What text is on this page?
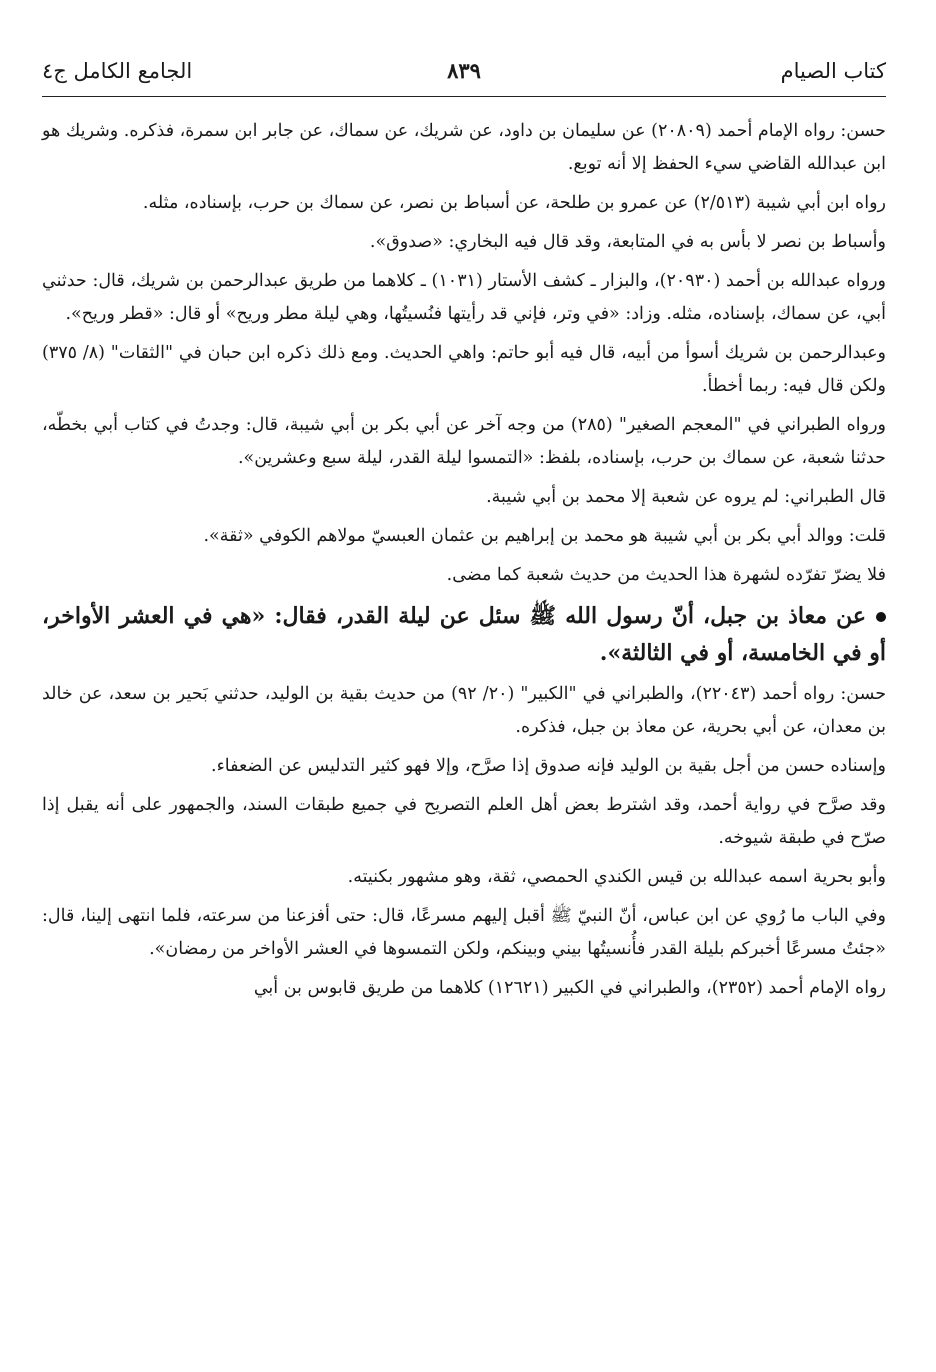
كتاب الصيام
٨٣٩
الجامع الكامل ج٤

حسن: رواه الإمام أحمد (٢٠٨٠٩) عن سليمان بن داود، عن شريك، عن سماك، عن جابر ابن سمرة، فذكره. وشريك هو ابن عبدالله القاضي سيء الحفظ إلا أنه توبع.

رواه ابن أبي شيبة (٢/٥١٣) عن عمرو بن طلحة، عن أسباط بن نصر، عن سماك بن حرب، بإسناده، مثله.

وأسباط بن نصر لا بأس به في المتابعة، وقد قال فيه البخاري: «صدوق».

ورواه عبدالله بن أحمد (٢٠٩٣٠)، والبزار ـ كشف الأستار (١٠٣١) ـ كلاهما من طريق عبدالرحمن بن شريك، قال: حدثني أبي، عن سماك، بإسناده، مثله. وزاد: «في وتر، فإني قد رأيتها فنُسيتُها، وهي ليلة مطر وريح» أو قال: «قطر وريح».

وعبدالرحمن بن شريك أسوأ من أبيه، قال فيه أبو حاتم: واهي الحديث. ومع ذلك ذكره ابن حبان في "الثقات" (٨/ ٣٧٥) ولكن قال فيه: ربما أخطأ.

ورواه الطبراني في "المعجم الصغير" (٢٨٥) من وجه آخر عن أبي بكر بن أبي شيبة، قال: وجدتُ في كتاب أبي بخطّه، حدثنا شعبة، عن سماك بن حرب، بإسناده، بلفظ: «التمسوا ليلة القدر، ليلة سبع وعشرين».

قال الطبراني: لم يروه عن شعبة إلا محمد بن أبي شيبة.

قلت: ووالد أبي بكر بن أبي شيبة هو محمد بن إبراهيم بن عثمان العبسيّ مولاهم الكوفي «ثقة».

فلا يضرّ تفرّده لشهرة هذا الحديث من حديث شعبة كما مضى.

عن معاذ بن جبل، أنّ رسول الله ﷺ سئل عن ليلة القدر، فقال: «هي في العشر الأواخر، أو في الخامسة، أو في الثالثة».

حسن: رواه أحمد (٢٢٠٤٣)، والطبراني في "الكبير" (٢٠/ ٩٢) من حديث بقية بن الوليد، حدثني بَحير بن سعد، عن خالد بن معدان، عن أبي بحرية، عن معاذ بن جبل، فذكره.

وإسناده حسن من أجل بقية بن الوليد فإنه صدوق إذا صرَّح، وإلا فهو كثير التدليس عن الضعفاء.

وقد صرَّح في رواية أحمد، وقد اشترط بعض أهل العلم التصريح في جميع طبقات السند، والجمهور على أنه يقبل إذا صرّح في طبقة شيوخه.

وأبو بحرية اسمه عبدالله بن قيس الكندي الحمصي، ثقة، وهو مشهور بكنيته.

وفي الباب ما رُوي عن ابن عباس، أنّ النبيّ ﷺ أقبل إليهم مسرعًا، قال: حتى أفزعنا من سرعته، فلما انتهى إلينا، قال: «جئتُ مسرعًا أخبركم بليلة القدر فأُنسيتُها بيني وبينكم، ولكن التمسوها في العشر الأواخر من رمضان».

رواه الإمام أحمد (٢٣٥٢)، والطبراني في الكبير (١٢٦٢١) كلاهما من طريق قابوس بن أبي
